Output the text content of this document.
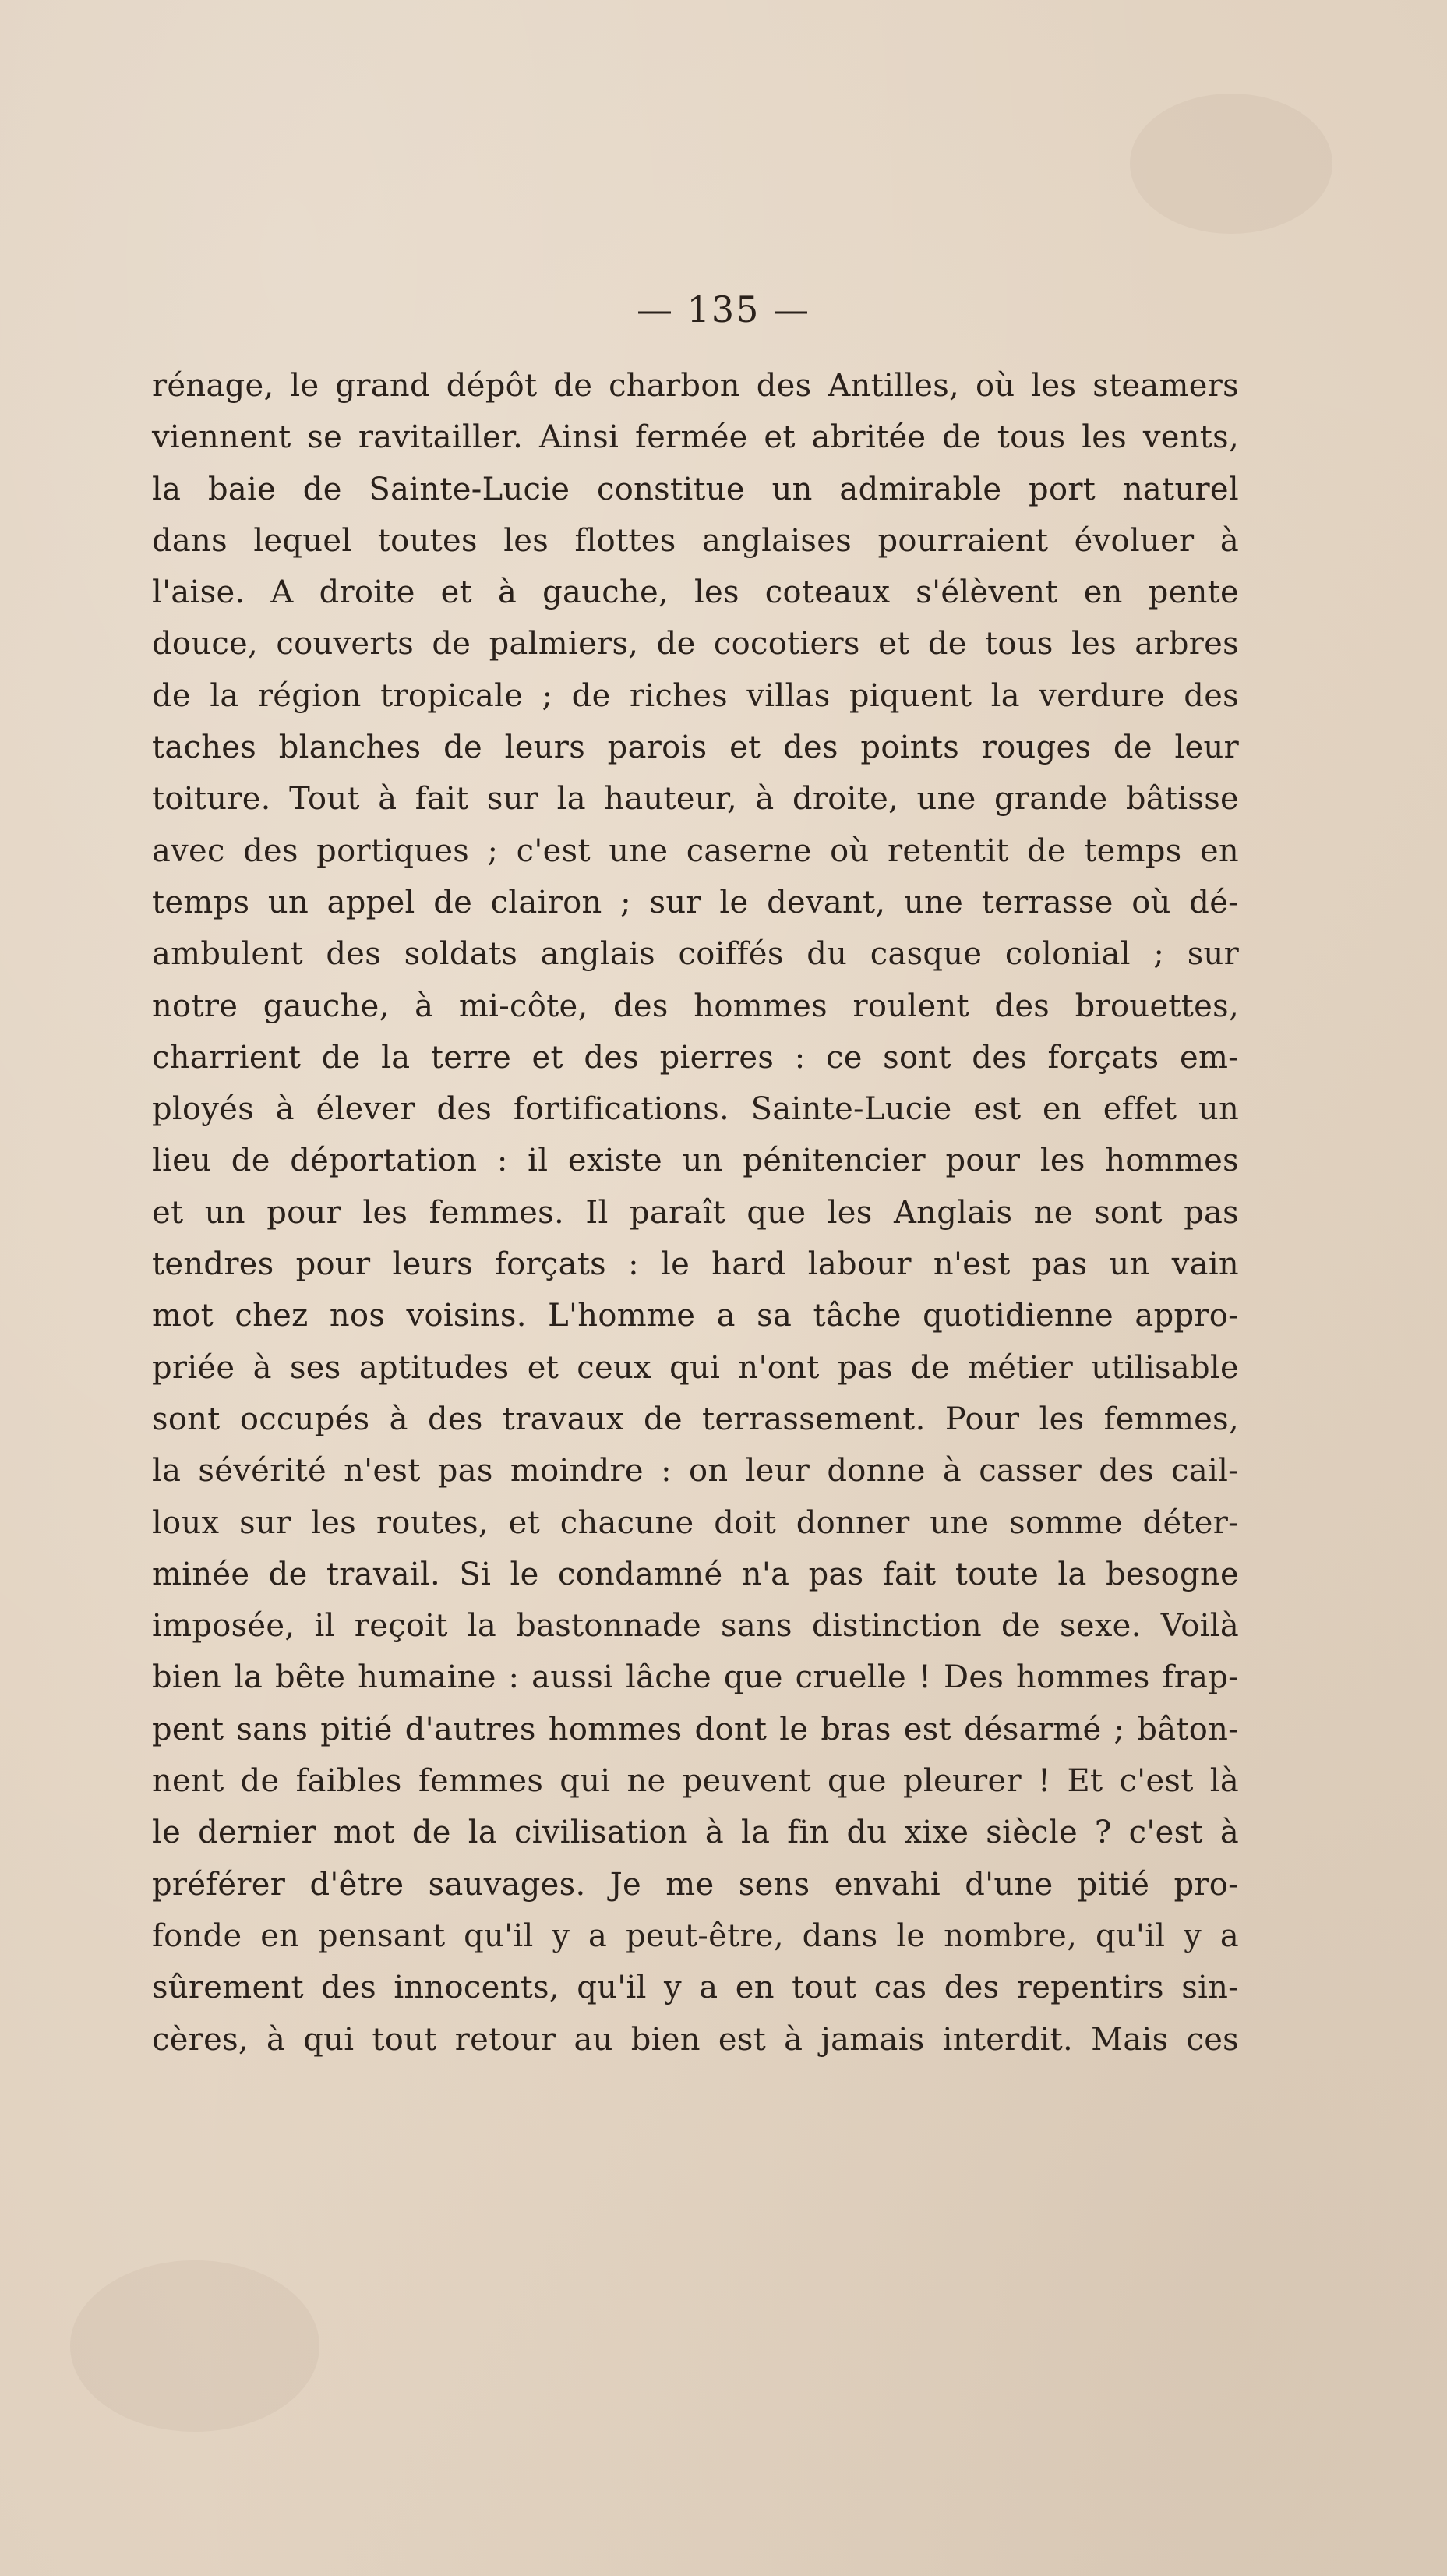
— 135 —
rénage, le grand dépôt de charbon des Antilles, où les steamers
viennent se ravitailler. Ainsi fermée et abritée de tous les vents,
la baie de Sainte-Lucie constitue un admirable port naturel
dans lequel toutes les flottes anglaises pourraient évoluer à
l'aise. A droite et à gauche, les coteaux s'élèvent en pente
douce, couverts de palmiers, de cocotiers et de tous les arbres
de la région tropicale ; de riches villas piquent la verdure des
taches blanches de leurs parois et des points rouges de leur
toiture. Tout à fait sur la hauteur, à droite, une grande bâtisse
avec des portiques ; c'est une caserne où retentit de temps en
temps un appel de clairon ; sur le devant, une terrasse où dé-
ambulent des soldats anglais coiffés du casque colonial ; sur
notre gauche, à mi-côte, des hommes roulent des brouettes,
charrient de la terre et des pierres : ce sont des forçats em-
ployés à élever des fortifications. Sainte-Lucie est en effet un
lieu de déportation : il existe un pénitencier pour les hommes
et un pour les femmes. Il paraît que les Anglais ne sont pas
tendres pour leurs forçats : le hard labour n'est pas un vain
mot chez nos voisins. L'homme a sa tâche quotidienne appro-
priée à ses aptitudes et ceux qui n'ont pas de métier utilisable
sont occupés à des travaux de terrassement. Pour les femmes,
la sévérité n'est pas moindre : on leur donne à casser des cail-
loux sur les routes, et chacune doit donner une somme déter-
minée de travail. Si le condamné n'a pas fait toute la besogne
imposée, il reçoit la bastonnade sans distinction de sexe. Voilà
bien la bête humaine : aussi lâche que cruelle ! Des hommes frap-
pent sans pitié d'autres hommes dont le bras est désarmé ; bâton-
nent de faibles femmes qui ne peuvent que pleurer ! Et c'est là
le dernier mot de la civilisation à la fin du xixe siècle ? c'est à
préférer d'être sauvages. Je me sens envahi d'une pitié pro-
fonde en pensant qu'il y a peut-être, dans le nombre, qu'il y a
sûrement des innocents, qu'il y a en tout cas des repentirs sin-
cères, à qui tout retour au bien est à jamais interdit. Mais ces
